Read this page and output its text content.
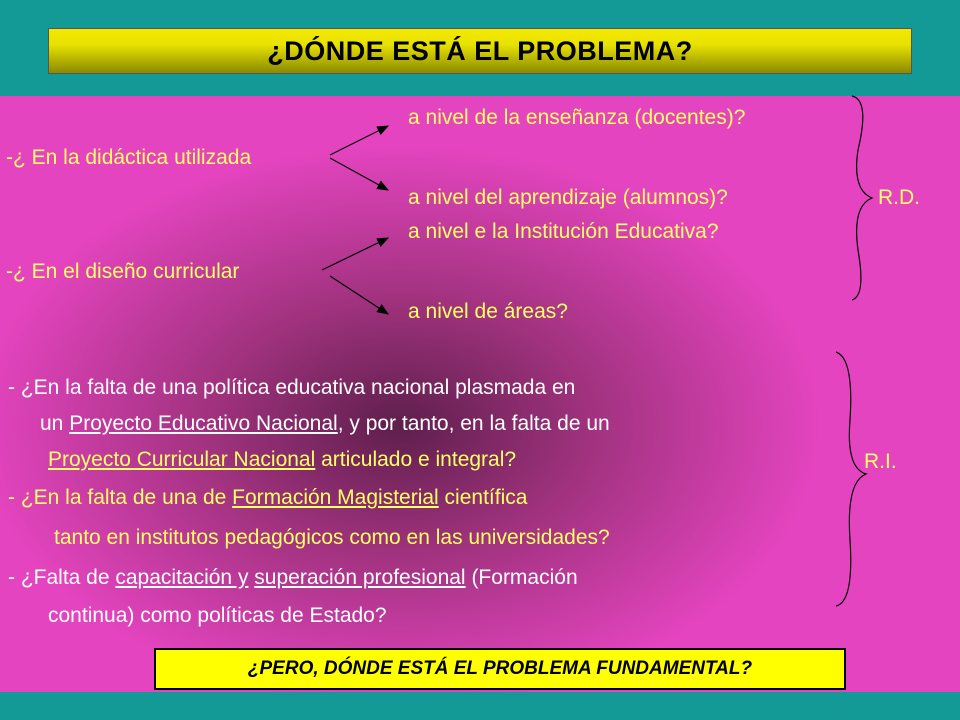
¿DÓNDE ESTÁ EL PROBLEMA?
a nivel de la enseñanza (docentes)?
-¿ En la didáctica utilizada
a nivel del aprendizaje (alumnos)?	R.D.
a nivel e la Institución Educativa?
-¿ En el diseño curricular
a nivel de áreas?
- ¿En la falta de una política educativa nacional plasmada en
un Proyecto Educativo Nacional, y por tanto, en la falta de un
Proyecto Curricular Nacional articulado e integral?	R.I.
- ¿En la falta de una de Formación Magisterial científica
tanto en institutos pedagógicos como en las universidades?
- ¿Falta de capacitación y superación profesional (Formación
continua) como políticas de Estado?
¿PERO, DÓNDE ESTÁ EL PROBLEMA FUNDAMENTAL?
